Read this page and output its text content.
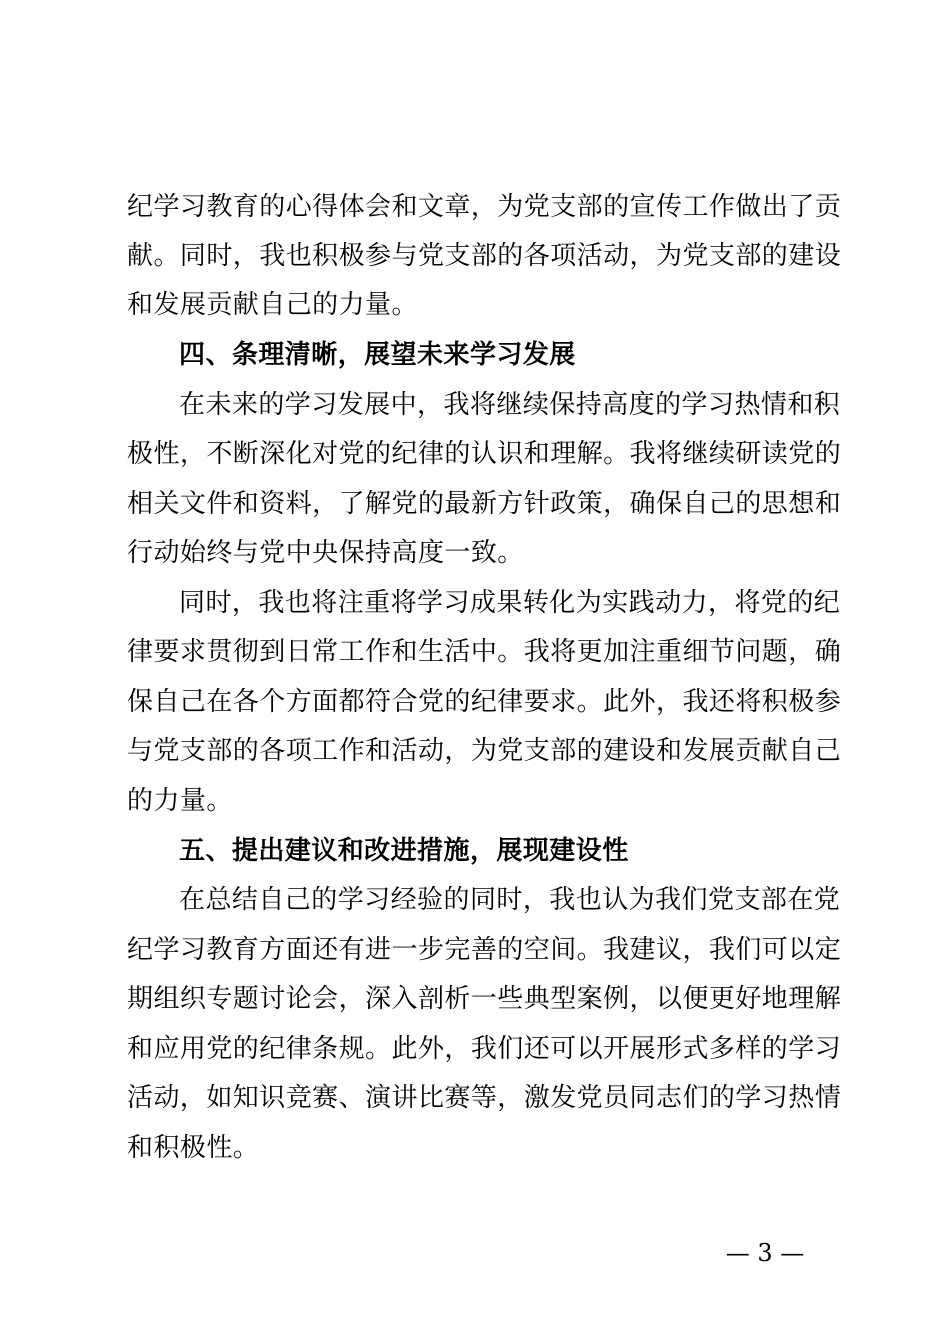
纪学习教育的心得体会和文章，为党支部的宣传工作做出了贡
献。同时，我也积极参与党支部的各项活动，为党支部的建设
和发展贡献自己的力量。
四、条理清晰，展望未来学习发展
在未来的学习发展中，我将继续保持高度的学习热情和积
极性，不断深化对党的纪律的认识和理解。我将继续研读党的
相关文件和资料，了解党的最新方针政策，确保自己的思想和
行动始终与党中央保持高度一致。
同时，我也将注重将学习成果转化为实践动力，将党的纪
律要求贯彻到日常工作和生活中。我将更加注重细节问题，确
保自己在各个方面都符合党的纪律要求。此外，我还将积极参
与党支部的各项工作和活动，为党支部的建设和发展贡献自己
的力量。
五、提出建议和改进措施，展现建设性
在总结自己的学习经验的同时，我也认为我们党支部在党
纪学习教育方面还有进一步完善的空间。我建议，我们可以定
期组织专题讨论会，深入剖析一些典型案例，以便更好地理解
和应用党的纪律条规。此外，我们还可以开展形式多样的学习
活动，如知识竞赛、演讲比赛等，激发党员同志们的学习热情
和积极性。
— 3 —
